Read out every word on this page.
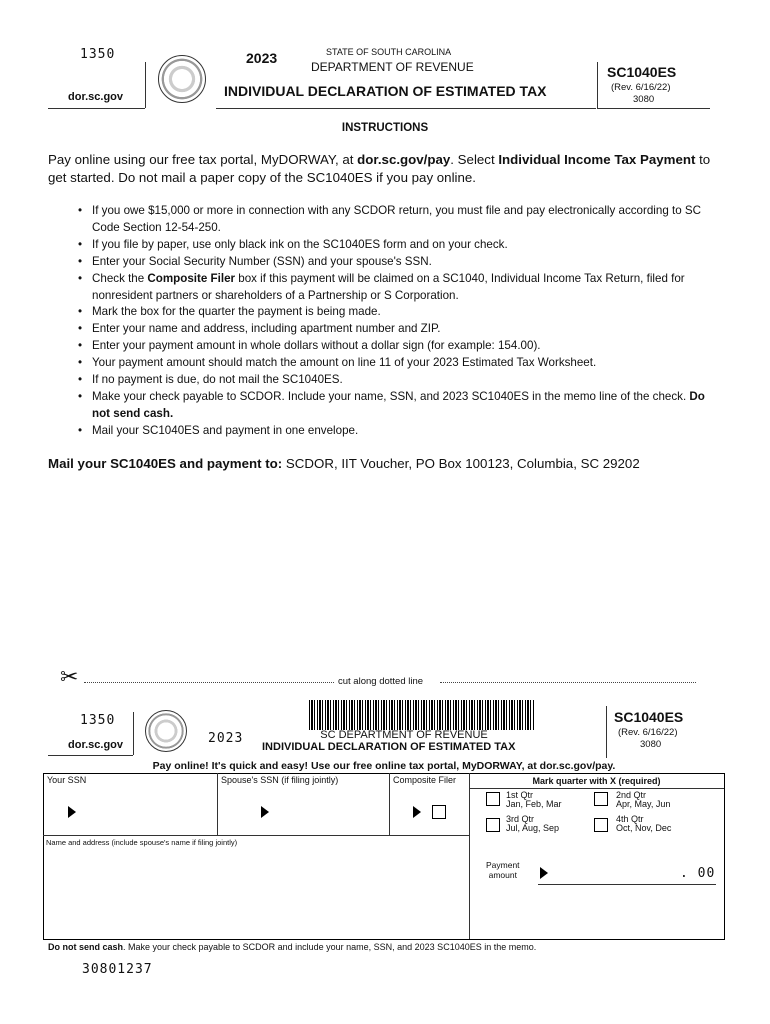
1350
dor.sc.gov
2023	STATE OF SOUTH CAROLINA
DEPARTMENT OF REVENUE
INDIVIDUAL DECLARATION OF ESTIMATED TAX
SC1040ES
(Rev. 6/16/22)
3080
INSTRUCTIONS
Pay online using our free tax portal, MyDORWAY, at dor.sc.gov/pay. Select Individual Income Tax Payment to get started. Do not mail a paper copy of the SC1040ES if you pay online.
• If you owe $15,000 or more in connection with any SCDOR return, you must file and pay electronically according to SC Code Section 12-54-250.
• If you file by paper, use only black ink on the SC1040ES form and on your check.
• Enter your Social Security Number (SSN) and your spouse's SSN.
• Check the Composite Filer box if this payment will be claimed on a SC1040, Individual Income Tax Return, filed for nonresident partners or shareholders of a Partnership or S Corporation.
• Mark the box for the quarter the payment is being made.
• Enter your name and address, including apartment number and ZIP.
• Enter your payment amount in whole dollars without a dollar sign (for example: 154.00).
• Your payment amount should match the amount on line 11 of your 2023 Estimated Tax Worksheet.
• If no payment is due, do not mail the SC1040ES.
• Make your check payable to SCDOR. Include your name, SSN, and 2023 SC1040ES in the memo line of the check. Do not send cash.
• Mail your SC1040ES and payment in one envelope.
Mail your SC1040ES and payment to: SCDOR, IIT Voucher, PO Box 100123, Columbia, SC 29202
✂	cut along dotted line
1350
dor.sc.gov	2023	SC DEPARTMENT OF REVENUE
INDIVIDUAL DECLARATION OF ESTIMATED TAX
SC1040ES
(Rev. 6/16/22)
3080
Pay online! It's quick and easy! Use our free online tax portal, MyDORWAY, at dor.sc.gov/pay.
Your SSN	Spouse's SSN (if filing jointly)	Composite Filer	Mark quarter with X (required)
1st Qtr
Jan, Feb, Mar
2nd Qtr
Apr, May, Jun
3rd Qtr
Jul, Aug, Sep
4th Qtr
Oct, Nov, Dec
Name and address (include spouse's name if filing jointly)
Payment
amount	. 00
Do not send cash. Make your check payable to SCDOR and include your name, SSN, and 2023 SC1040ES in the memo.
30801237
